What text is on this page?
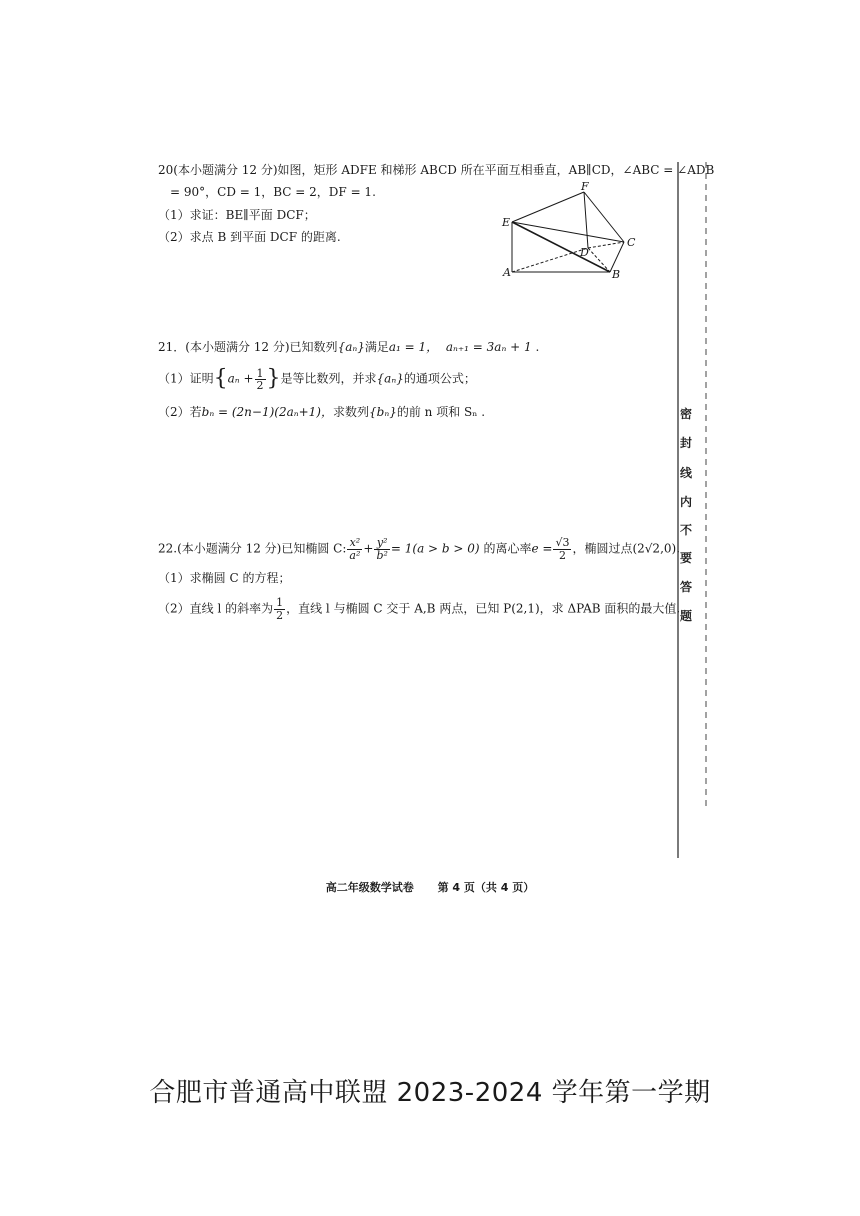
20(本小题满分 12 分)如图，矩形 ADFE 和梯形 ABCD 所在平面互相垂直，AB∥CD，∠ABC = ∠ADB
= 90°，CD = 1，BC = 2，DF = 1.
（1）求证：BE∥平面 DCF；
（2）求点 B 到平面 DCF 的距离.
E
F
C
D
A	B
21．(本小题满分 12 分)已知数列{aₙ}满足a₁ = 1， aₙ₊₁ = 3aₙ + 1 .
（1）证明{$a_n + \frac{1}{2}$ }是等比数列，并求{aₙ}的通项公式；
（2）若bₙ = (2n−1)(2aₙ+1)，求数列{bₙ}的前 n 项和 Sₙ .
22.(本小题满分 12 分)已知椭圆 C: $\frac{\text{x²}}{\text{a²}} + \frac{\text{y²}}{\text{b²}} = 1(a > b > 0)$ 的离心率$e = \frac{√3}{2}$ ，椭圆过点(2√2,0).
（1）求椭圆 C 的方程；
（2）直线 l 的斜率为 $\frac{1}{2}$ ，直线 l 与椭圆 C 交于 A,B 两点，已知 P(2,1)，求 ΔPAB 面积的最大值.
密
封
线
内
不
要
答
题
高二年级数学试卷 第 4 页（共 4 页）
合肥市普通高中联盟 2023-2024 学年第一学期
